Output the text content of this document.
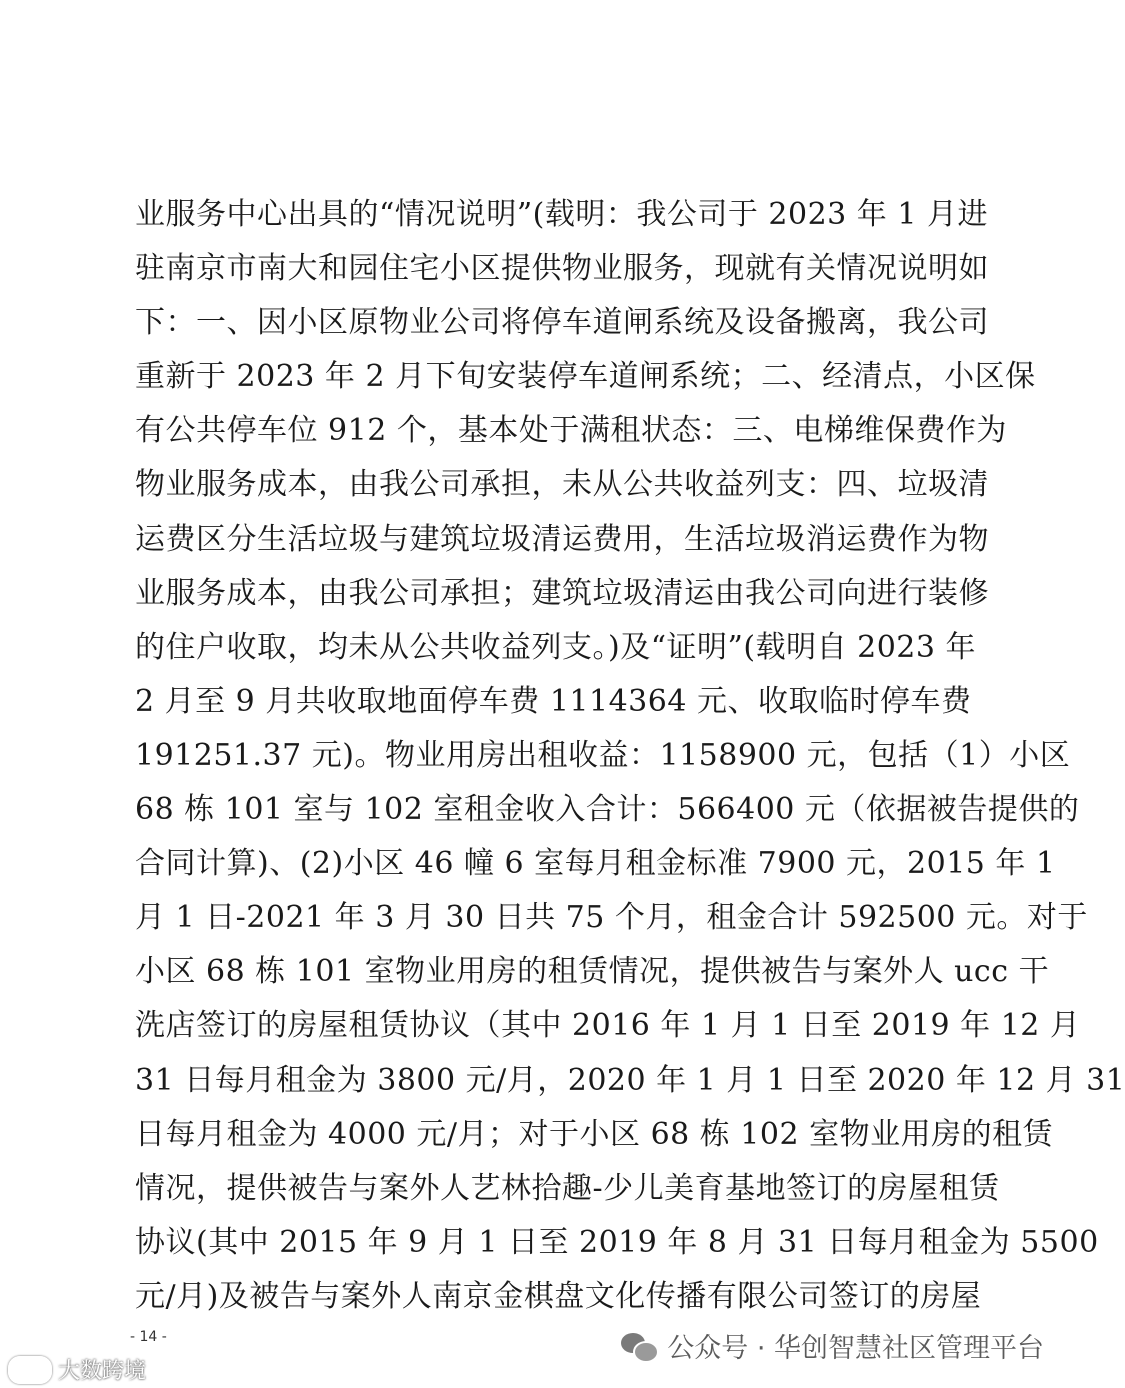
业服务中心出具的“情况说明”(载明：我公司于 2023 年 1 月进
驻南京市南大和园住宅小区提供物业服务，现就有关情况说明如
下：一、因小区原物业公司将停车道闸系统及设备搬离，我公司
重新于 2023 年 2 月下旬安装停车道闸系统；二、经清点，小区保
有公共停车位 912 个，基本处于满租状态：三、电梯维保费作为
物业服务成本，由我公司承担，未从公共收益列支：四、垃圾清
运费区分生活垃圾与建筑垃圾清运费用，生活垃圾消运费作为物
业服务成本，由我公司承担；建筑垃圾清运由我公司向进行装修
的住户收取，均未从公共收益列支。)及“证明”(载明自 2023 年
2 月至 9 月共收取地面停车费 1114364 元、收取临时停车费
191251.37 元)。物业用房出租收益：1158900 元，包括（1）小区
68 栋 101 室与 102 室租金收入合计：566400 元（依据被告提供的
合同计算)、(2)小区 46 幢 6 室每月租金标准 7900 元，2015 年 1
月 1 日-2021 年 3 月 30 日共 75 个月，租金合计 592500 元。对于
小区 68 栋 101 室物业用房的租赁情况，提供被告与案外人 ucc 干
洗店签订的房屋租赁协议（其中 2016 年 1 月 1 日至 2019 年 12 月
31 日每月租金为 3800 元/月，2020 年 1 月 1 日至 2020 年 12 月 31
日每月租金为 4000 元/月；对于小区 68 栋 102 室物业用房的租赁
情况，提供被告与案外人艺林拾趣-少儿美育基地签订的房屋租赁
协议(其中 2015 年 9 月 1 日至 2019 年 8 月 31 日每月租金为 5500
元/月)及被告与案外人南京金棋盘文化传播有限公司签订的房屋
- 14 -	公众号 · 华创智慧社区管理平台
大数跨境
